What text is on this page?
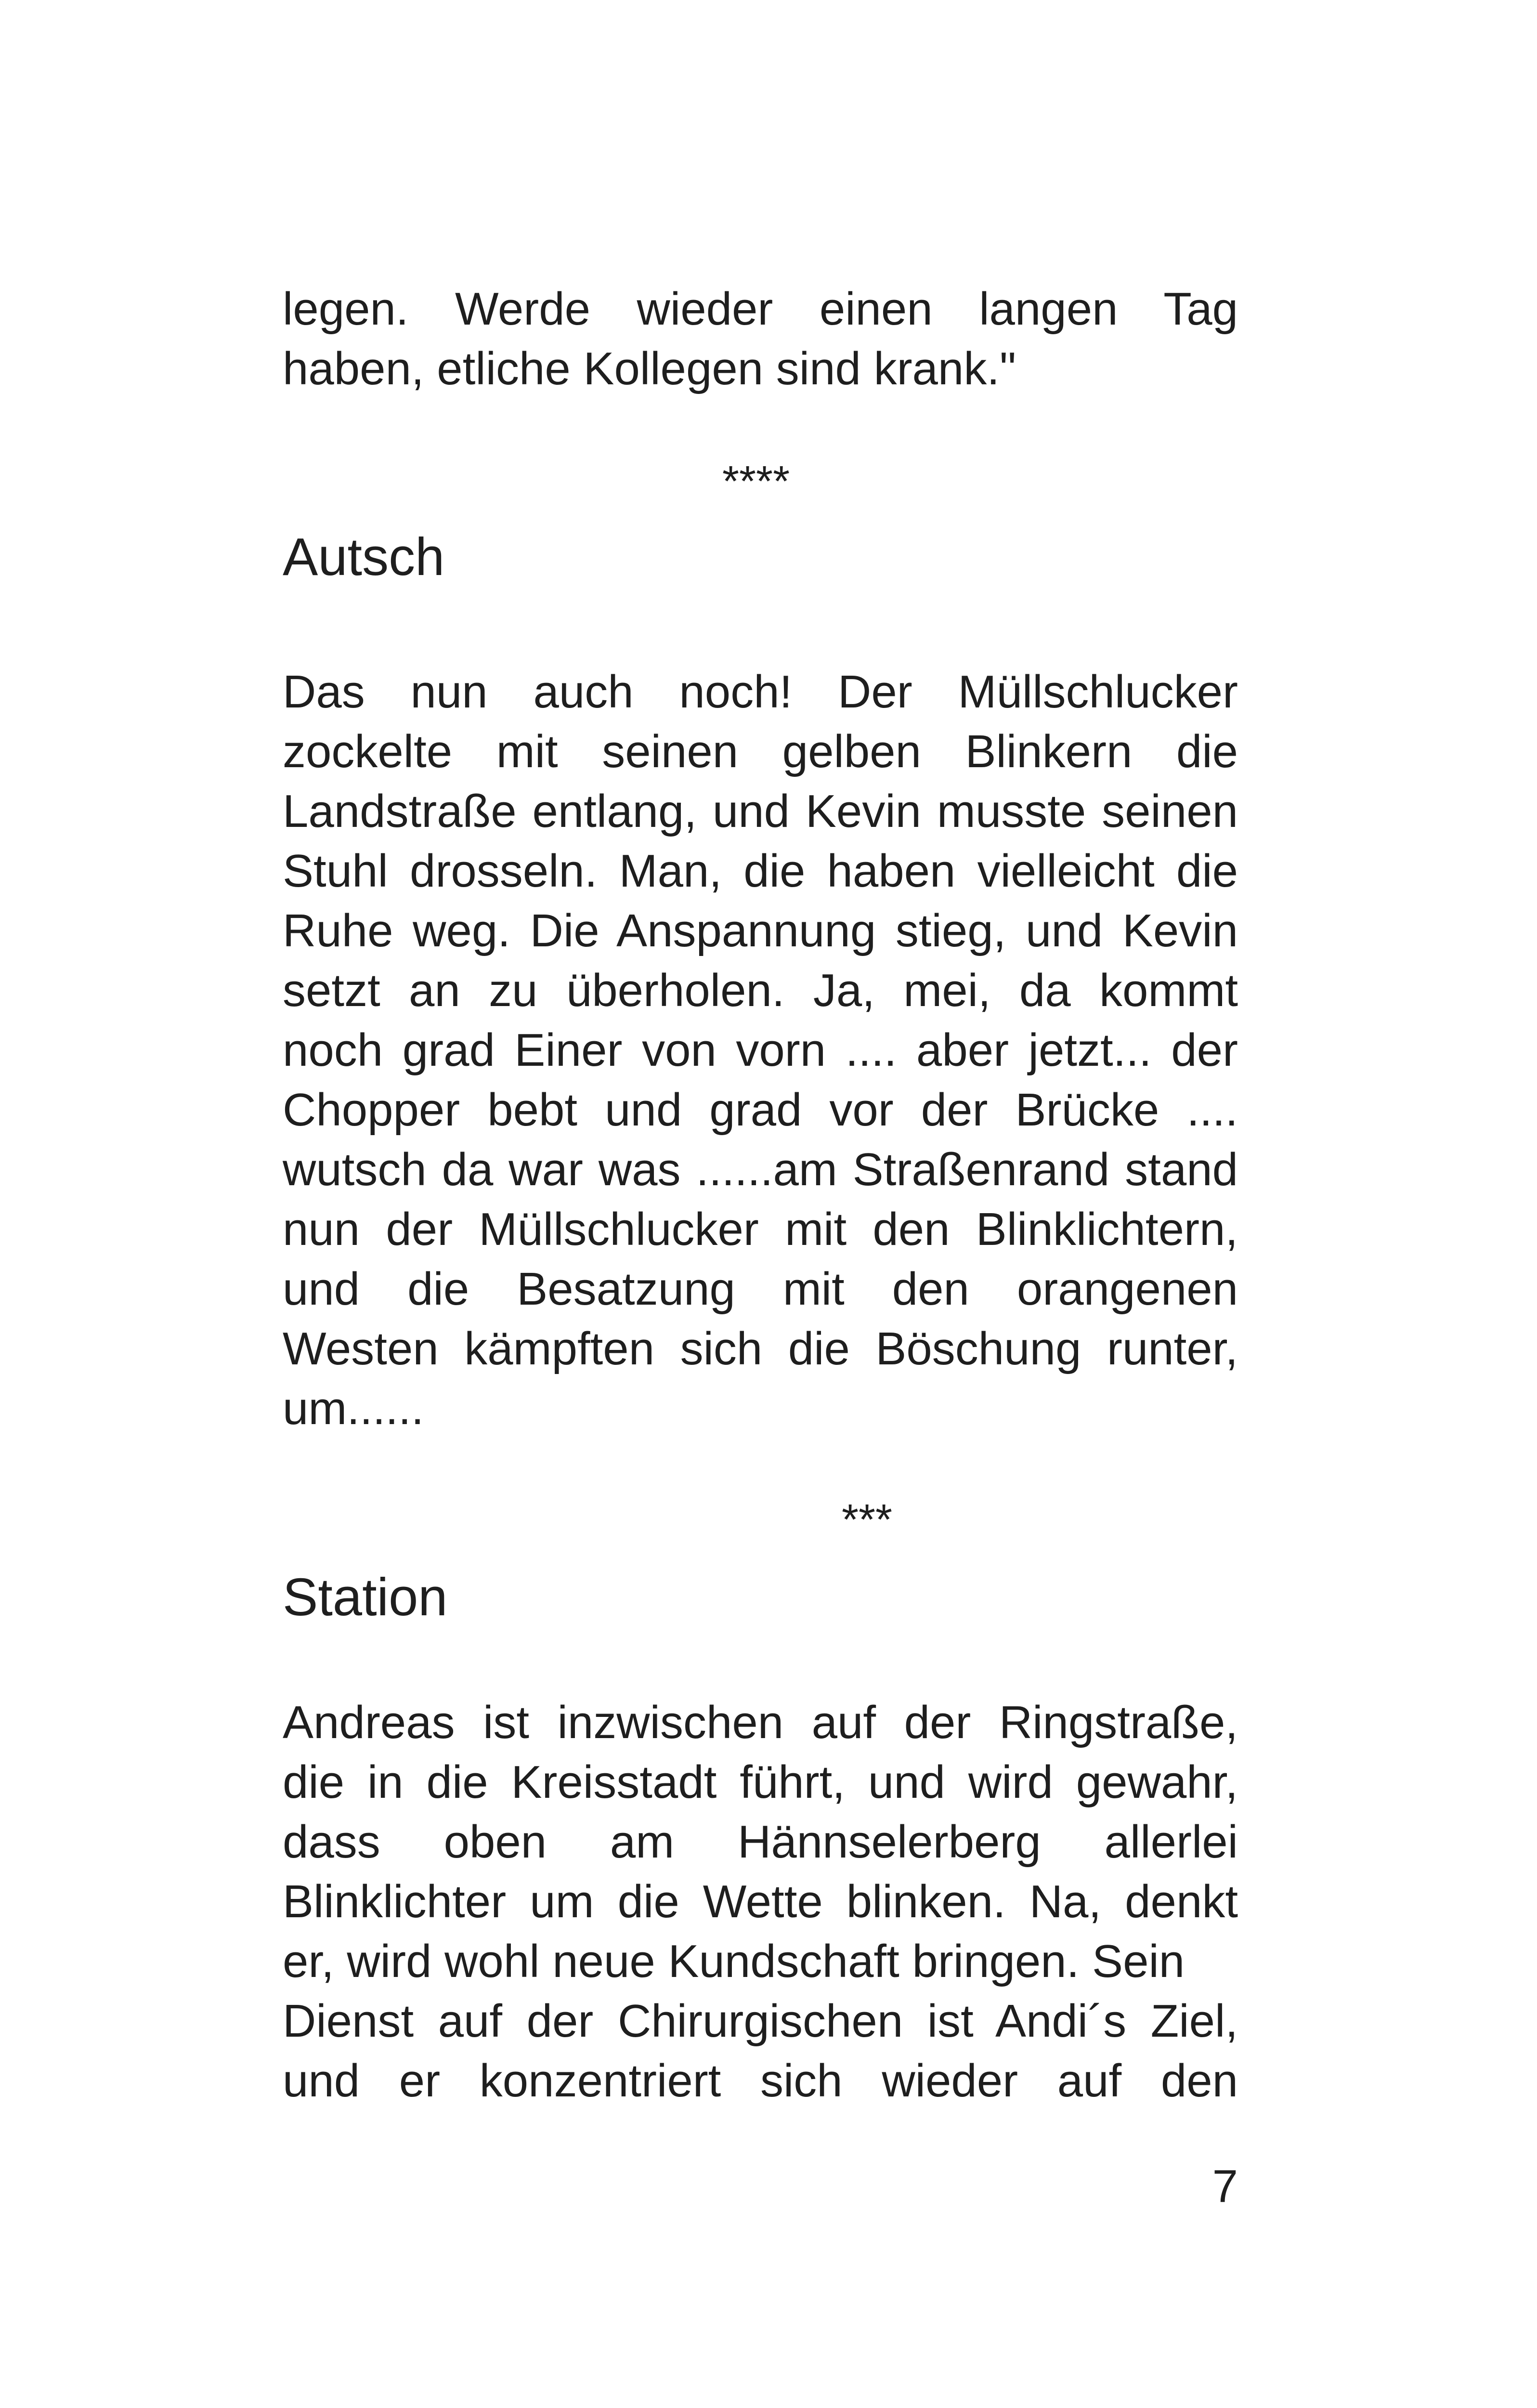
legen. Werde wieder einen langen Tag
haben, etliche Kollegen sind krank."
****
Autsch
Das nun auch noch! Der Müllschlucker
zockelte mit seinen gelben Blinkern die
Landstraße entlang, und Kevin musste seinen
Stuhl drosseln. Man, die haben vielleicht die
Ruhe weg. Die Anspannung stieg, und Kevin
setzt an zu überholen. Ja, mei, da kommt
noch grad Einer von vorn .... aber jetzt... der
Chopper bebt und grad vor der Brücke ....
wutsch da war was ......am Straßenrand stand
nun der Müllschlucker mit den Blinklichtern,
und die Besatzung mit den orangenen
Westen kämpften sich die Böschung runter,
um......
***
Station
Andreas ist inzwischen auf der Ringstraße,
die in die Kreisstadt führt, und wird gewahr,
dass oben am Hännselerberg allerlei
Blinklichter um die Wette blinken. Na, denkt
er, wird wohl neue Kundschaft bringen. Sein
Dienst auf der Chirurgischen ist Andi´s Ziel,
und er konzentriert sich wieder auf den
7
